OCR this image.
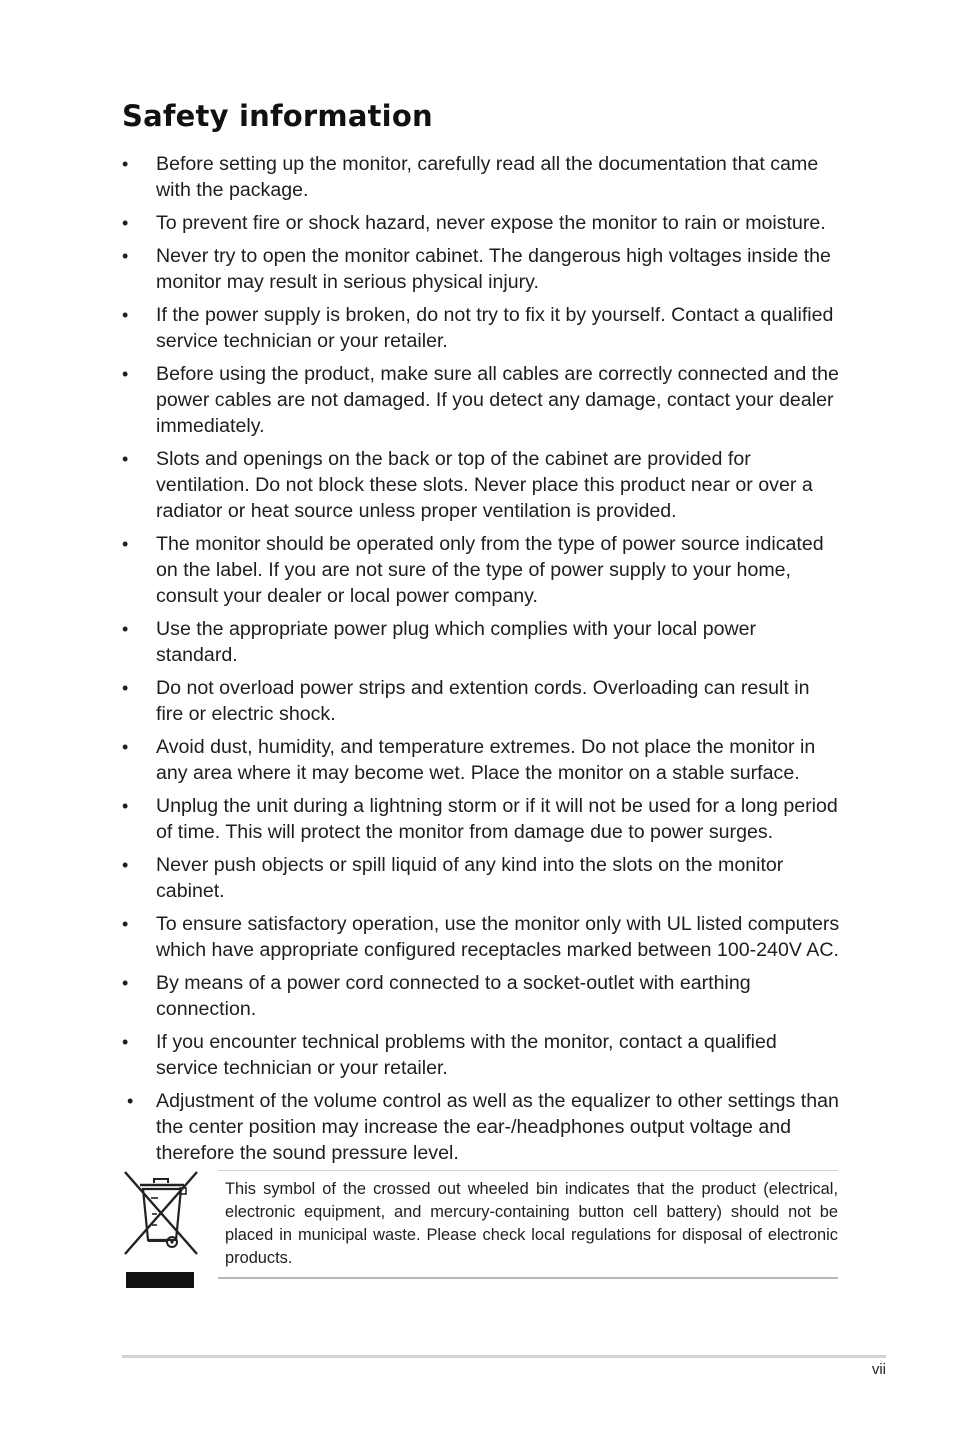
Safety information
• Before setting up the monitor, carefully read all the documentation that came with the package.
• To prevent fire or shock hazard, never expose the monitor to rain or moisture.
• Never try to open the monitor cabinet. The dangerous high voltages inside the monitor may result in serious physical injury.
• If the power supply is broken, do not try to fix it by yourself. Contact a qualified service technician or your retailer.
• Before using the product, make sure all cables are correctly connected and the power cables are not damaged. If you detect any damage, contact your dealer immediately.
• Slots and openings on the back or top of the cabinet are provided for ventilation. Do not block these slots. Never place this product near or over a radiator or heat source unless proper ventilation is provided.
• The monitor should be operated only from the type of power source indicated on the label. If you are not sure of the type of power supply to your home, consult your dealer or local power company.
• Use the appropriate power plug which complies with your local power standard.
• Do not overload power strips and extention cords. Overloading can result in fire or electric shock.
• Avoid dust, humidity, and temperature extremes. Do not place the monitor in any area where it may become wet. Place the monitor on a stable surface.
• Unplug the unit during a lightning storm or if it will not be used for a long period of time. This will protect the monitor from damage due to power surges.
• Never push objects or spill liquid of any kind into the slots on the monitor cabinet.
• To ensure satisfactory operation, use the monitor only with UL listed computers which have appropriate configured receptacles marked between 100-240V AC.
• By means of a power cord connected to a socket-outlet with earthing connection.
• If you encounter technical problems with the monitor, contact a qualified service technician or your retailer.
• Adjustment of the volume control as well as the equalizer to other settings than the center position may increase the ear-/headphones output voltage and therefore the sound pressure level.

This symbol of the crossed out wheeled bin indicates that the product (electrical, electronic equipment, and mercury-containing button cell battery) should not be placed in municipal waste. Please check local regulations for disposal of electronic products.

vii
